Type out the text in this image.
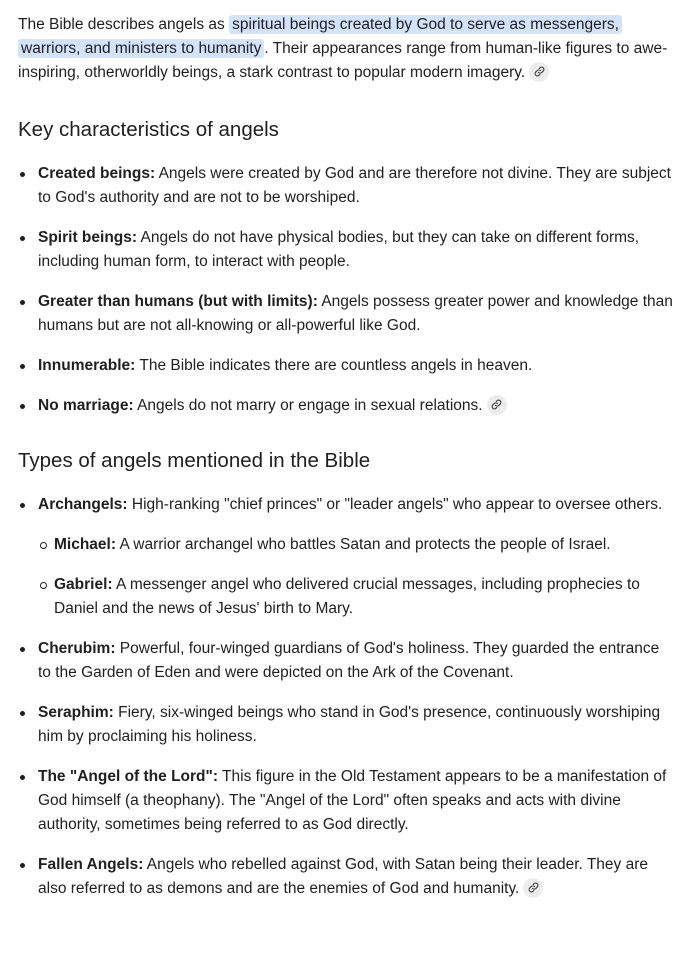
The Bible describes angels as spiritual beings created by God to serve as messengers, warriors, and ministers to humanity . Their appearances range from human-like figures to awe-inspiring, otherworldly beings, a stark contrast to popular modern imagery.

Key characteristics of angels
Created beings: Angels were created by God and are therefore not divine. They are subject to God's authority and are not to be worshiped.
Spirit beings: Angels do not have physical bodies, but they can take on different forms, including human form, to interact with people.
Greater than humans (but with limits): Angels possess greater power and knowledge than humans but are not all-knowing or all-powerful like God.
Innumerable: The Bible indicates there are countless angels in heaven.
No marriage: Angels do not marry or engage in sexual relations.
Types of angels mentioned in the Bible
Archangels: High-ranking "chief princes" or "leader angels" who appear to oversee others.
Michael: A warrior archangel who battles Satan and protects the people of Israel.
Gabriel: A messenger angel who delivered crucial messages, including prophecies to Daniel and the news of Jesus' birth to Mary.
Cherubim: Powerful, four-winged guardians of God's holiness. They guarded the entrance to the Garden of Eden and were depicted on the Ark of the Covenant.
Seraphim: Fiery, six-winged beings who stand in God's presence, continuously worshiping him by proclaiming his holiness.
The "Angel of the Lord": This figure in the Old Testament appears to be a manifestation of God himself (a theophany). The "Angel of the Lord" often speaks and acts with divine authority, sometimes being referred to as God directly.
Fallen Angels: Angels who rebelled against God, with Satan being their leader. They are also referred to as demons and are the enemies of God and humanity.
